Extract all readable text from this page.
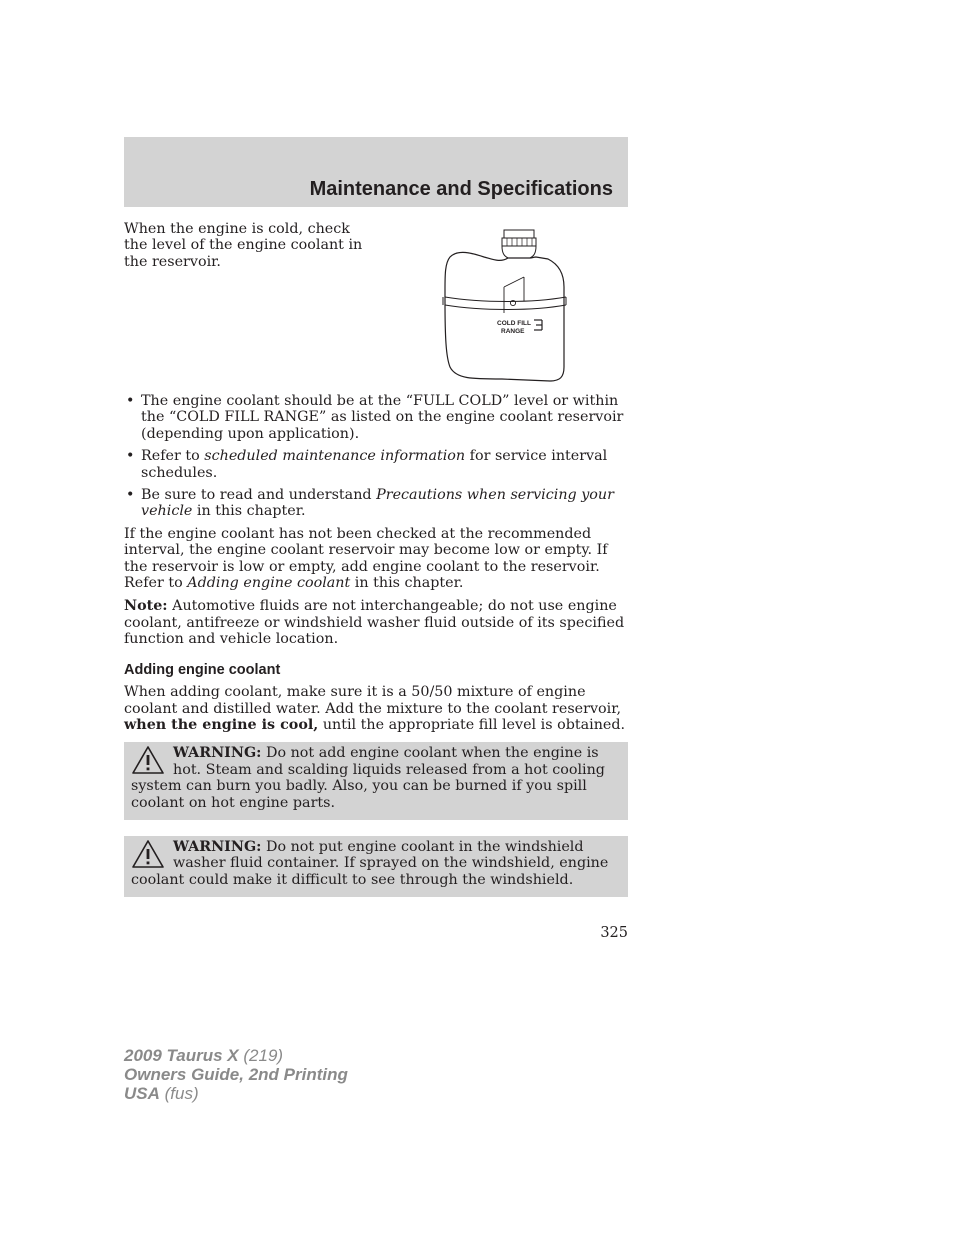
Maintenance and Specifications

When the engine is cold, check the level of the engine coolant in the reservoir.

COLD FILL
RANGE
• The engine coolant should be at the “FULL COLD” level or within the “COLD FILL RANGE” as listed on the engine coolant reservoir (depending upon application).
• Refer to scheduled maintenance information for service interval schedules.
• Be sure to read and understand Precautions when servicing your vehicle in this chapter.

If the engine coolant has not been checked at the recommended interval, the engine coolant reservoir may become low or empty. If the reservoir is low or empty, add engine coolant to the reservoir. Refer to Adding engine coolant in this chapter.

Note: Automotive fluids are not interchangeable; do not use engine coolant, antifreeze or windshield washer fluid outside of its specified function and vehicle location.

Adding engine coolant

When adding coolant, make sure it is a 50/50 mixture of engine coolant and distilled water. Add the mixture to the coolant reservoir, when the engine is cool, until the appropriate fill level is obtained.

WARNING: Do not add engine coolant when the engine is hot. Steam and scalding liquids released from a hot cooling system can burn you badly. Also, you can be burned if you spill coolant on hot engine parts.
WARNING: Do not put engine coolant in the windshield washer fluid container. If sprayed on the windshield, engine coolant could make it difficult to see through the windshield.
325
2009 Taurus X (219)
Owners Guide, 2nd Printing
USA (fus)
